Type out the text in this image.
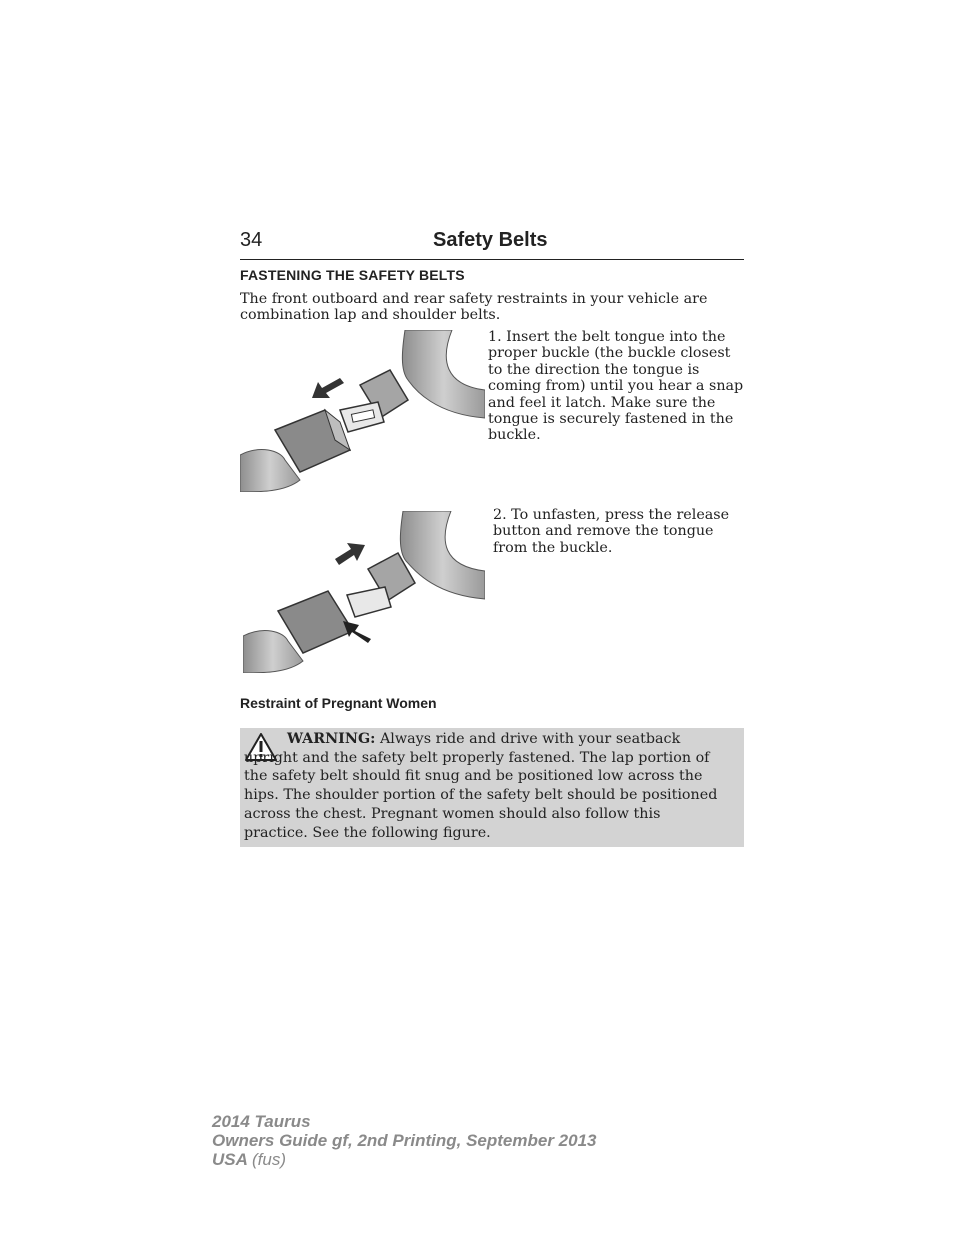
34	Safety Belts
FASTENING THE SAFETY BELTS
The front outboard and rear safety restraints in your vehicle are combination lap and shoulder belts.
1. Insert the belt tongue into the proper buckle (the buckle closest to the direction the tongue is coming from) until you hear a snap and feel it latch. Make sure the tongue is securely fastened in the buckle.
2. To unfasten, press the release button and remove the tongue from the buckle.
Restraint of Pregnant Women
WARNING: Always ride and drive with your seatback upright and the safety belt properly fastened. The lap portion of the safety belt should fit snug and be positioned low across the hips. The shoulder portion of the safety belt should be positioned across the chest. Pregnant women should also follow this practice. See the following figure.
2014 Taurus
Owners Guide gf, 2nd Printing, September 2013
USA (fus)
